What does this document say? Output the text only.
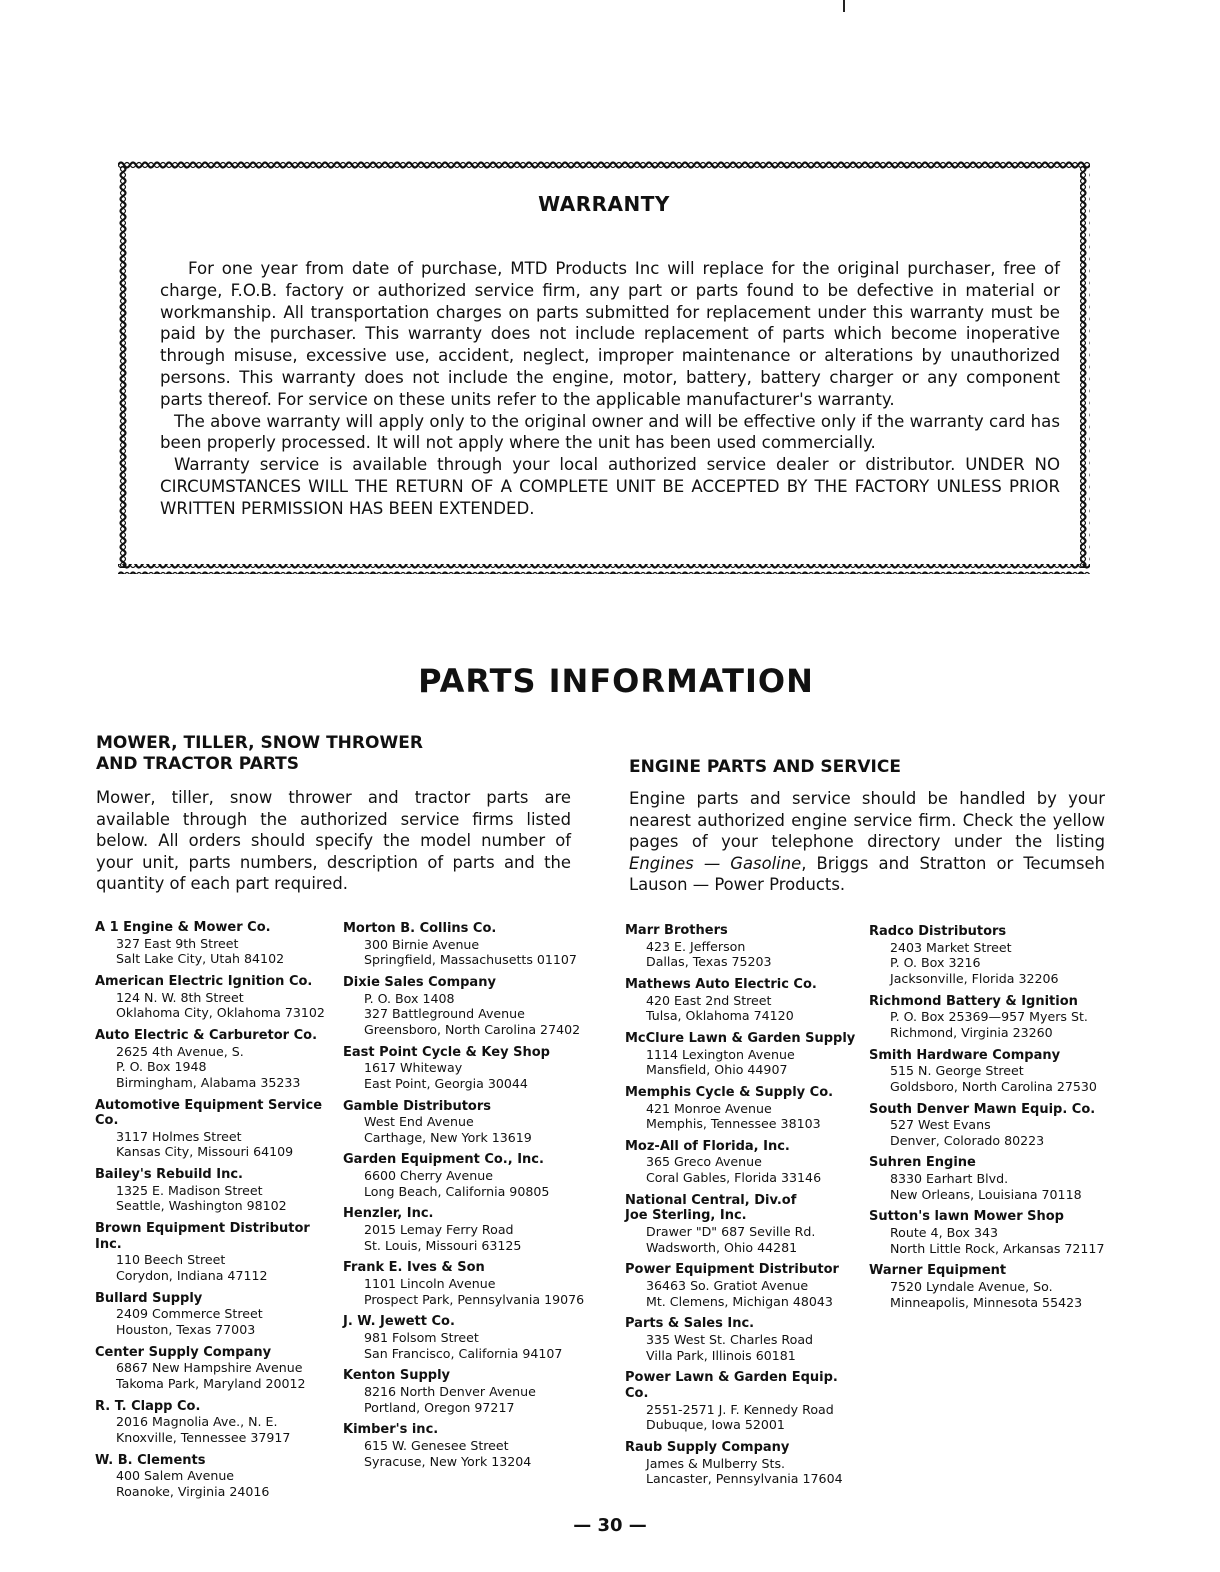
WARRANTY

For one year from date of purchase, MTD Products Inc will replace for the original purchaser, free of charge, F.O.B. factory or authorized service firm, any part or parts found to be defective in material or workmanship. All transportation charges on parts submitted for replacement under this warranty must be paid by the purchaser. This warranty does not include replacement of parts which become inoperative through misuse, excessive use, accident, neglect, improper maintenance or alterations by unauthorized persons. This warranty does not include the engine, motor, battery, battery charger or any component parts thereof. For service on these units refer to the applicable manufacturer's warranty.

The above warranty will apply only to the original owner and will be effective only if the warranty card has been properly processed. It will not apply where the unit has been used commercially.

Warranty service is available through your local authorized service dealer or distributor. UNDER NO CIRCUMSTANCES WILL THE RETURN OF A COMPLETE UNIT BE ACCEPTED BY THE FACTORY UNLESS PRIOR WRITTEN PERMISSION HAS BEEN EXTENDED.

PARTS INFORMATION
MOWER, TILLER, SNOW THROWER
AND TRACTOR PARTS
Mower, tiller, snow thrower and tractor parts are available through the authorized service firms listed below. All orders should specify the model number of your unit, parts numbers, description of parts and the quantity of each part required.
ENGINE PARTS AND SERVICE
Engine parts and service should be handled by your nearest authorized engine service firm. Check the yellow pages of your telephone directory under the listing Engines — Gasoline, Briggs and Stratton or Tecumseh Lauson — Power Products.
A 1 Engine & Mower Co.
327 East 9th Street
Salt Lake City, Utah 84102
American Electric Ignition Co.
124 N. W. 8th Street
Oklahoma City, Oklahoma 73102
Auto Electric & Carburetor Co.
2625 4th Avenue, S.
P. O. Box 1948
Birmingham, Alabama 35233
Automotive Equipment Service Co.
3117 Holmes Street
Kansas City, Missouri 64109
Bailey's Rebuild Inc.
1325 E. Madison Street
Seattle, Washington 98102
Brown Equipment Distributor Inc.
110 Beech Street
Corydon, Indiana 47112
Bullard Supply
2409 Commerce Street
Houston, Texas 77003
Center Supply Company
6867 New Hampshire Avenue
Takoma Park, Maryland 20012
R. T. Clapp Co.
2016 Magnolia Ave., N. E.
Knoxville, Tennessee 37917
W. B. Clements
400 Salem Avenue
Roanoke, Virginia 24016
Morton B. Collins Co.
300 Birnie Avenue
Springfield, Massachusetts 01107
Dixie Sales Company
P. O. Box 1408
327 Battleground Avenue
Greensboro, North Carolina 27402
East Point Cycle & Key Shop
1617 Whiteway
East Point, Georgia 30044
Gamble Distributors
West End Avenue
Carthage, New York 13619
Garden Equipment Co., Inc.
6600 Cherry Avenue
Long Beach, California 90805
Henzler, Inc.
2015 Lemay Ferry Road
St. Louis, Missouri 63125
Frank E. Ives & Son
1101 Lincoln Avenue
Prospect Park, Pennsylvania 19076
J. W. Jewett Co.
981 Folsom Street
San Francisco, California 94107
Kenton Supply
8216 North Denver Avenue
Portland, Oregon 97217
Kimber's inc.
615 W. Genesee Street
Syracuse, New York 13204
Marr Brothers
423 E. Jefferson
Dallas, Texas 75203
Mathews Auto Electric Co.
420 East 2nd Street
Tulsa, Oklahoma 74120
McClure Lawn & Garden Supply
1114 Lexington Avenue
Mansfield, Ohio 44907
Memphis Cycle & Supply Co.
421 Monroe Avenue
Memphis, Tennessee 38103
Moz-All of Florida, Inc.
365 Greco Avenue
Coral Gables, Florida 33146
National Central, Div.of
Joe Sterling, Inc.
Drawer "D" 687 Seville Rd.
Wadsworth, Ohio 44281
Power Equipment Distributor
36463 So. Gratiot Avenue
Mt. Clemens, Michigan 48043
Parts & Sales Inc.
335 West St. Charles Road
Villa Park, Illinois 60181
Power Lawn & Garden Equip. Co.
2551-2571 J. F. Kennedy Road
Dubuque, Iowa 52001
Raub Supply Company
James & Mulberry Sts.
Lancaster, Pennsylvania 17604
Radco Distributors
2403 Market Street
P. O. Box 3216
Jacksonville, Florida 32206
Richmond Battery & Ignition
P. O. Box 25369—957 Myers St.
Richmond, Virginia 23260
Smith Hardware Company
515 N. George Street
Goldsboro, North Carolina 27530
South Denver Mawn Equip. Co.
527 West Evans
Denver, Colorado 80223
Suhren Engine
8330 Earhart Blvd.
New Orleans, Louisiana 70118
Sutton's lawn Mower Shop
Route 4, Box 343
North Little Rock, Arkansas 72117
Warner Equipment
7520 Lyndale Avenue, So.
Minneapolis, Minnesota 55423
— 30 —
